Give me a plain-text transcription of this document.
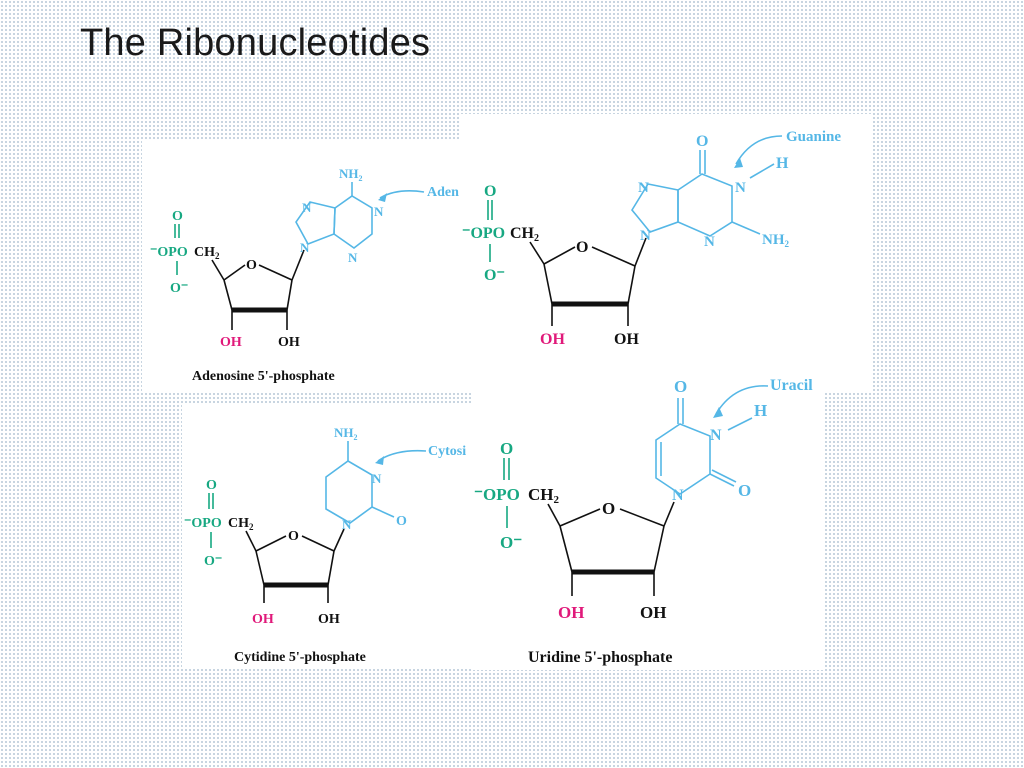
The Ribonucleotides
O
⁻OPO $CH_2$
O⁻
O
OH	OH
N
N	N
N
$NH_2$
Aden
Adenosine 5'-phosphate
O
⁻OPO CH2
O⁻
O
OH	OH
N
N	N
N
O
H
$NH_2$
Guanine
O
⁻OPO $CH_2$
O⁻
O
OH	OH
N
N
O
$NH_2$
Cytosi
Cytidine 5'-phosphate
O
⁻OPO CH2
O⁻
O
OH	OH
N
N
O
O
H
Uracil
Uridine 5'-phosphate
